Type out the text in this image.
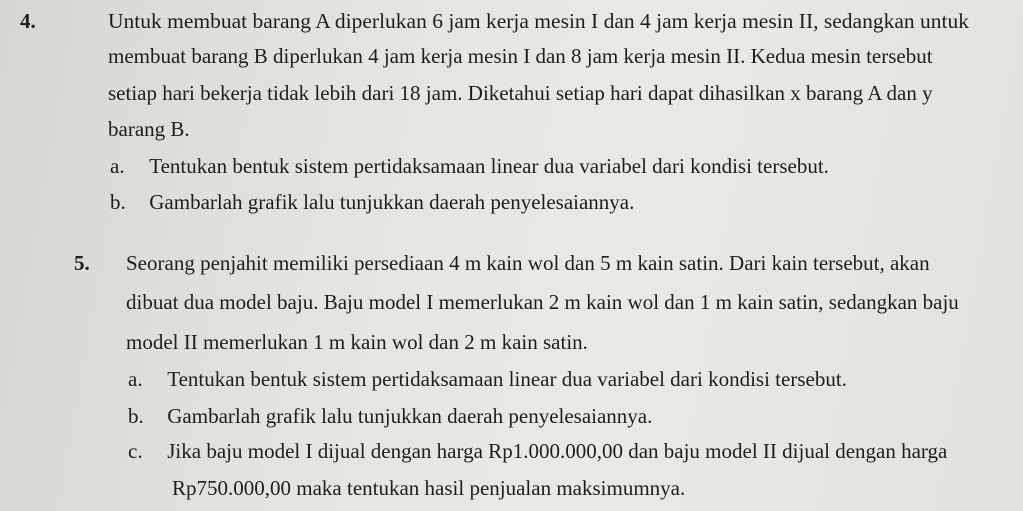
4.	Untuk membuat barang A diperlukan 6 jam kerja mesin I dan 4 jam kerja mesin II, sedangkan untuk
membuat barang B diperlukan 4 jam kerja mesin I dan 8 jam kerja mesin II. Kedua mesin tersebut
setiap hari bekerja tidak lebih dari 18 jam. Diketahui setiap hari dapat dihasilkan x barang A dan y
barang B.
a. Tentukan bentuk sistem pertidaksamaan linear dua variabel dari kondisi tersebut.
b. Gambarlah grafik lalu tunjukkan daerah penyelesaiannya.
5. Seorang penjahit memiliki persediaan 4 m kain wol dan 5 m kain satin. Dari kain tersebut, akan
dibuat dua model baju. Baju model I memerlukan 2 m kain wol dan 1 m kain satin, sedangkan baju
model II memerlukan 1 m kain wol dan 2 m kain satin.
a. Tentukan bentuk sistem pertidaksamaan linear dua variabel dari kondisi tersebut.
b. Gambarlah grafik lalu tunjukkan daerah penyelesaiannya.
c. Jika baju model I dijual dengan harga Rp1.000.000,00 dan baju model II dijual dengan harga
Rp750.000,00 maka tentukan hasil penjualan maksimumnya.
